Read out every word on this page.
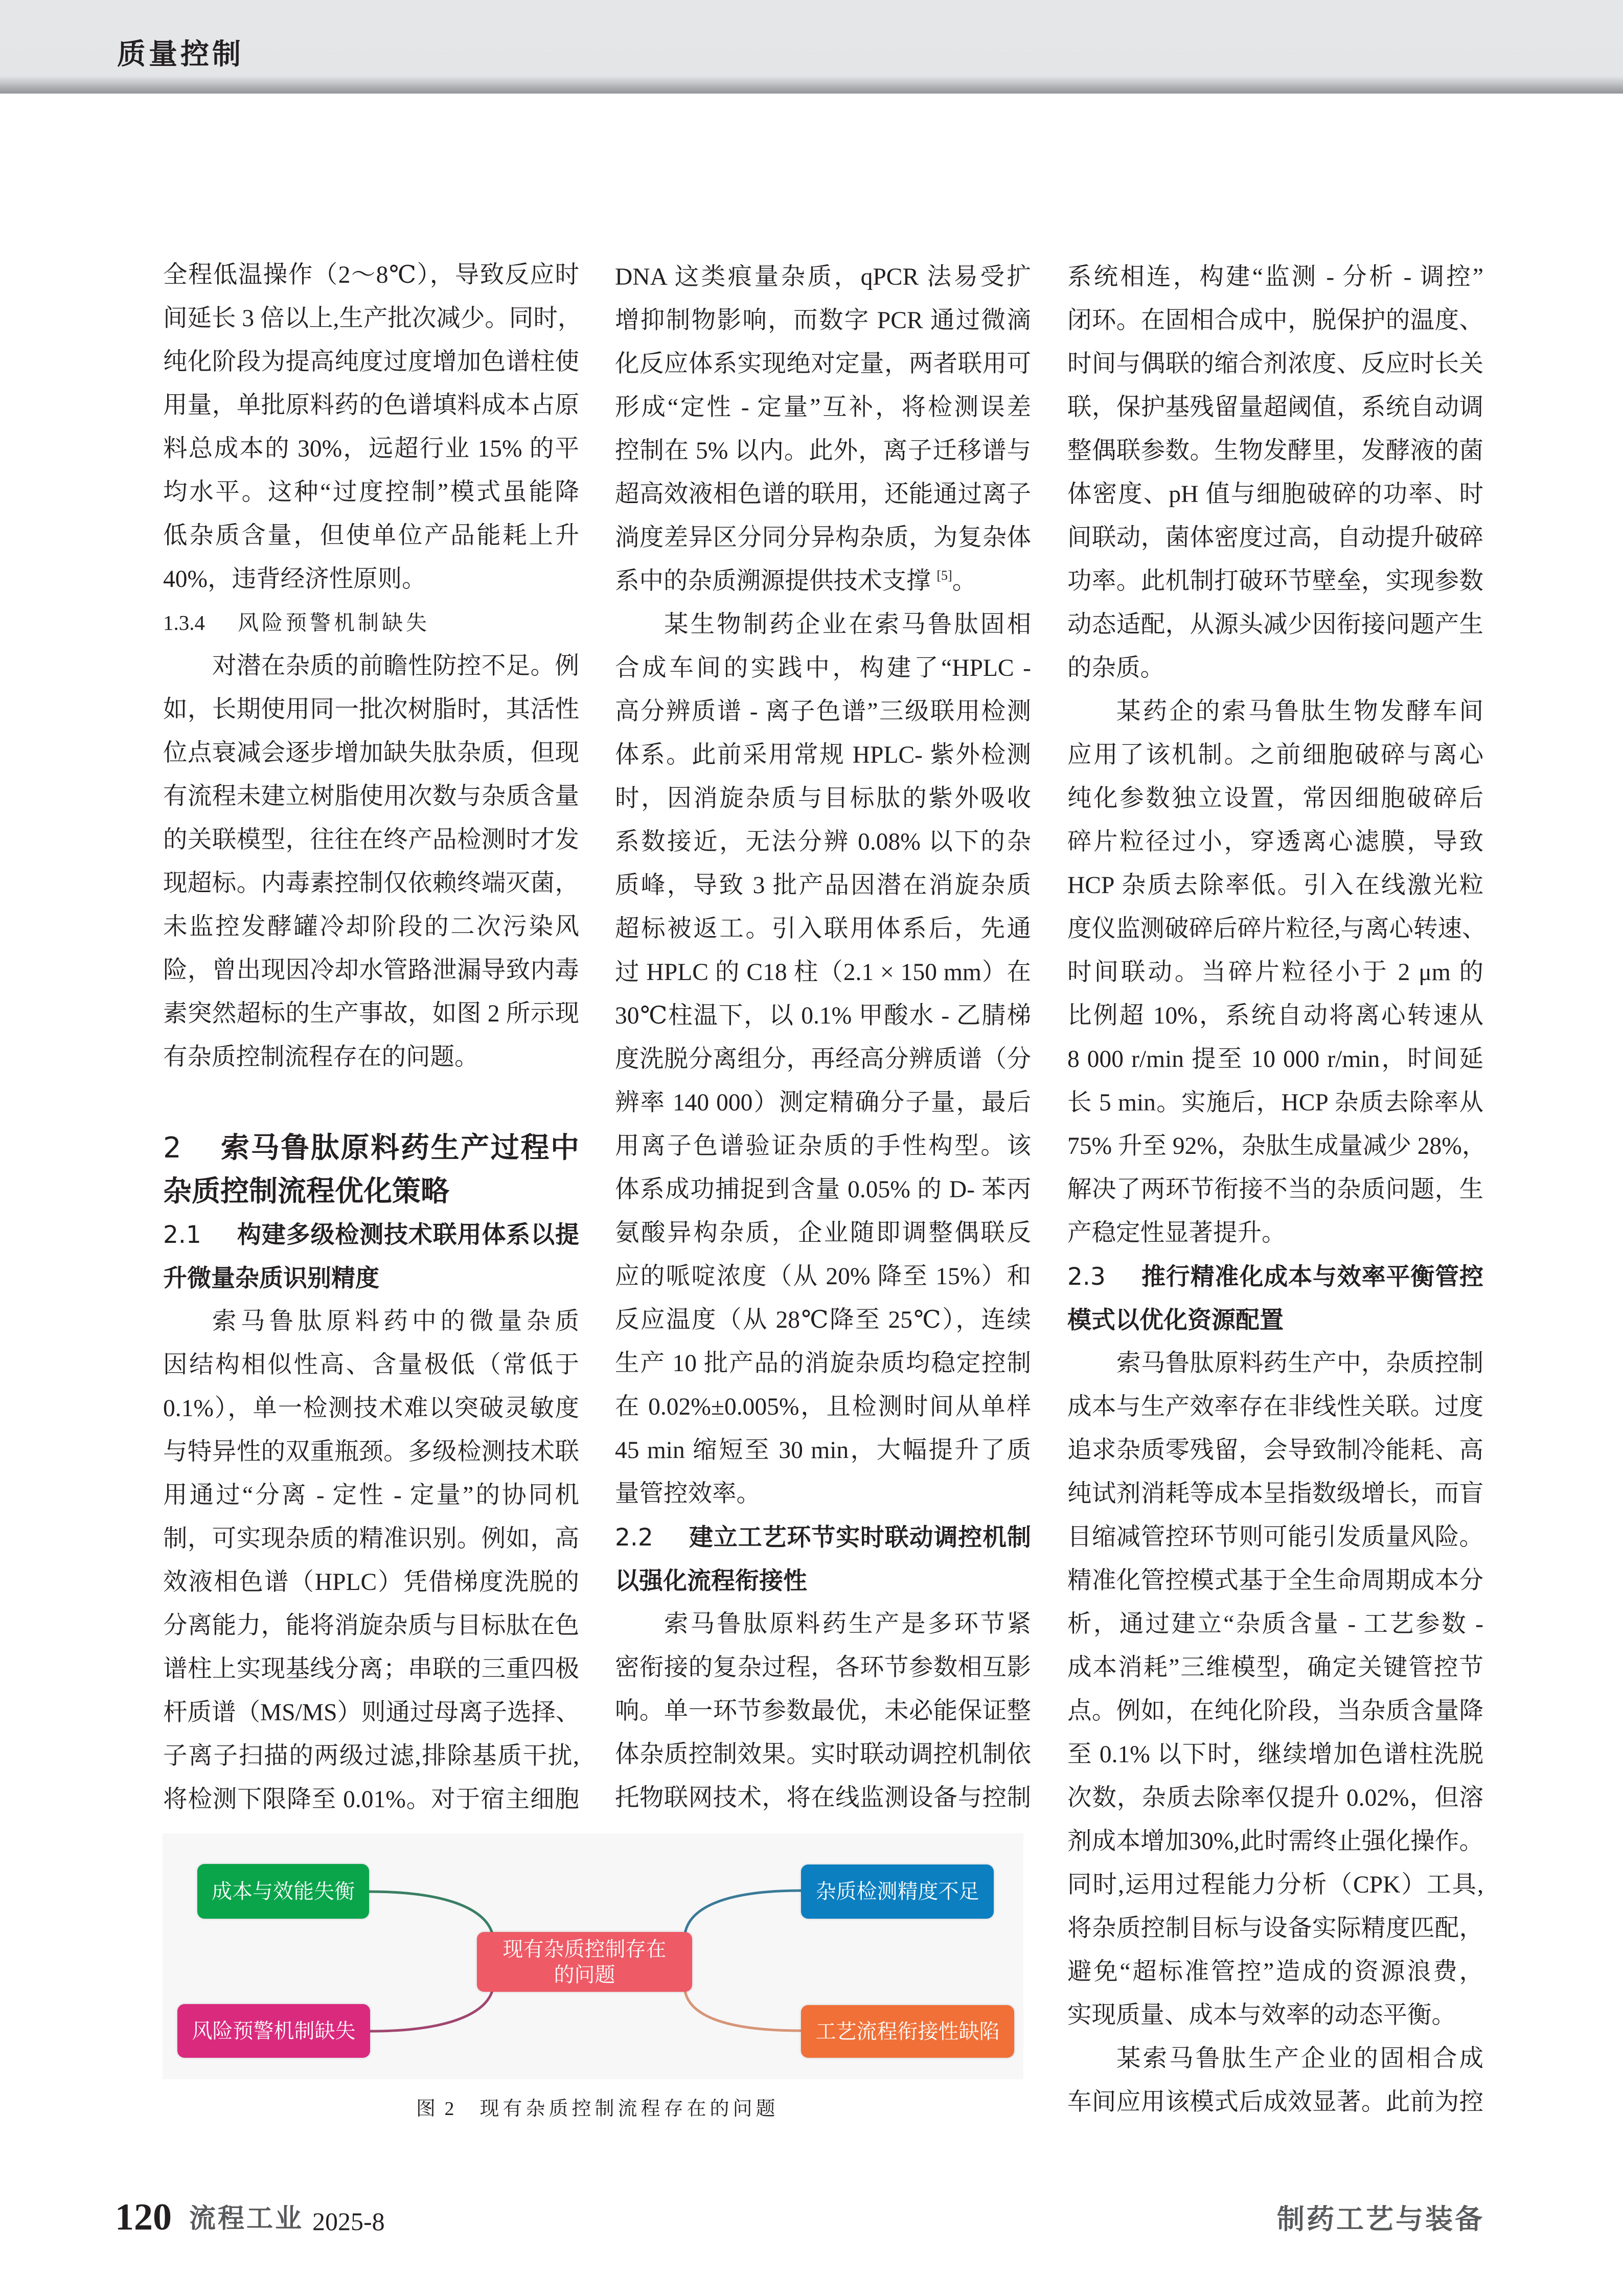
质量控制
全程低温操作（2～8℃），导致反应时
间延长 3 倍以上,生产批次减少。同时，
纯化阶段为提高纯度过度增加色谱柱使
用量，单批原料药的色谱填料成本占原
料总成本的 30%，远超行业 15% 的平
均水平。这种“过度控制”模式虽能降
低杂质含量，但使单位产品能耗上升
40%，违背经济性原则。
1.3.4	风险预警机制缺失
对潜在杂质的前瞻性防控不足。例
如，长期使用同一批次树脂时，其活性
位点衰减会逐步增加缺失肽杂质，但现
有流程未建立树脂使用次数与杂质含量
的关联模型，往往在终产品检测时才发
现超标。内毒素控制仅依赖终端灭菌，
未监控发酵罐冷却阶段的二次污染风
险，曾出现因冷却水管路泄漏导致内毒
素突然超标的生产事故，如图 2 所示现
有杂质控制流程存在的问题。
2	索马鲁肽原料药生产过程中
杂质控制流程优化策略
2.1	构建多级检测技术联用体系以提
升微量杂质识别精度
索马鲁肽原料药中的微量杂质
因结构相似性高、含量极低（常低于
0.1%），单一检测技术难以突破灵敏度
与特异性的双重瓶颈。多级检测技术联
用通过“分离 - 定性 - 定量”的协同机
制，可实现杂质的精准识别。例如，高
效液相色谱（HPLC）凭借梯度洗脱的
分离能力，能将消旋杂质与目标肽在色
谱柱上实现基线分离；串联的三重四极
杆质谱（MS/MS）则通过母离子选择、
子离子扫描的两级过滤,排除基质干扰,
将检测下限降至 0.01%。对于宿主细胞
DNA 这类痕量杂质，qPCR 法易受扩
增抑制物影响，而数字 PCR 通过微滴
化反应体系实现绝对定量，两者联用可
形成“定性 - 定量”互补，将检测误差
控制在 5% 以内。此外，离子迁移谱与
超高效液相色谱的联用，还能通过离子
淌度差异区分同分异构杂质，为复杂体
系中的杂质溯源提供技术支撑 [5]。
某生物制药企业在索马鲁肽固相
合成车间的实践中，构建了“HPLC -
高分辨质谱 - 离子色谱”三级联用检测
体系。此前采用常规 HPLC- 紫外检测
时，因消旋杂质与目标肽的紫外吸收
系数接近，无法分辨 0.08% 以下的杂
质峰，导致 3 批产品因潜在消旋杂质
超标被返工。引入联用体系后，先通
过 HPLC 的 C18 柱（2.1 × 150 mm）在
30℃柱温下，以 0.1% 甲酸水 - 乙腈梯
度洗脱分离组分，再经高分辨质谱（分
辨率 140 000）测定精确分子量，最后
用离子色谱验证杂质的手性构型。该
体系成功捕捉到含量 0.05% 的 D- 苯丙
氨酸异构杂质，企业随即调整偶联反
应的哌啶浓度（从 20% 降至 15%）和
反应温度（从 28℃降至 25℃），连续
生产 10 批产品的消旋杂质均稳定控制
在 0.02%±0.005%，且检测时间从单样
45 min 缩短至 30 min，大幅提升了质
量管控效率。
2.2	建立工艺环节实时联动调控机制
以强化流程衔接性
索马鲁肽原料药生产是多环节紧
密衔接的复杂过程，各环节参数相互影
响。单一环节参数最优，未必能保证整
体杂质控制效果。实时联动调控机制依
托物联网技术，将在线监测设备与控制
系统相连，构建“监测 - 分析 - 调控”
闭环。在固相合成中，脱保护的温度、
时间与偶联的缩合剂浓度、反应时长关
联，保护基残留量超阈值，系统自动调
整偶联参数。生物发酵里，发酵液的菌
体密度、pH 值与细胞破碎的功率、时
间联动，菌体密度过高，自动提升破碎
功率。此机制打破环节壁垒，实现参数
动态适配，从源头减少因衔接问题产生
的杂质。
某药企的索马鲁肽生物发酵车间
应用了该机制。之前细胞破碎与离心
纯化参数独立设置，常因细胞破碎后
碎片粒径过小，穿透离心滤膜，导致
HCP 杂质去除率低。引入在线激光粒
度仪监测破碎后碎片粒径,与离心转速、
时间联动。当碎片粒径小于 2 μm 的
比例超 10%，系统自动将离心转速从
8 000 r/min 提至 10 000 r/min，时间延
长 5 min。实施后，HCP 杂质去除率从
75% 升至 92%，杂肽生成量减少 28%，
解决了两环节衔接不当的杂质问题，生
产稳定性显著提升。
2.3	推行精准化成本与效率平衡管控
模式以优化资源配置
索马鲁肽原料药生产中，杂质控制
成本与生产效率存在非线性关联。过度
追求杂质零残留，会导致制冷能耗、高
纯试剂消耗等成本呈指数级增长，而盲
目缩减管控环节则可能引发质量风险。
精准化管控模式基于全生命周期成本分
析，通过建立“杂质含量 - 工艺参数 -
成本消耗”三维模型，确定关键管控节
点。例如，在纯化阶段，当杂质含量降
至 0.1% 以下时，继续增加色谱柱洗脱
次数，杂质去除率仅提升 0.02%，但溶
剂成本增加30%,此时需终止强化操作。
同时,运用过程能力分析（CPK）工具,
将杂质控制目标与设备实际精度匹配，
避免“超标准管控”造成的资源浪费，
实现质量、成本与效率的动态平衡。
某索马鲁肽生产企业的固相合成
车间应用该模式后成效显著。此前为控
现有杂质控制存在
的问题
成本与效能失衡	杂质检测精度不足
风险预警机制缺失	工艺流程衔接性缺陷
图 2 现有杂质控制流程存在的问题
120 流程工业 2025-8	制药工艺与装备
